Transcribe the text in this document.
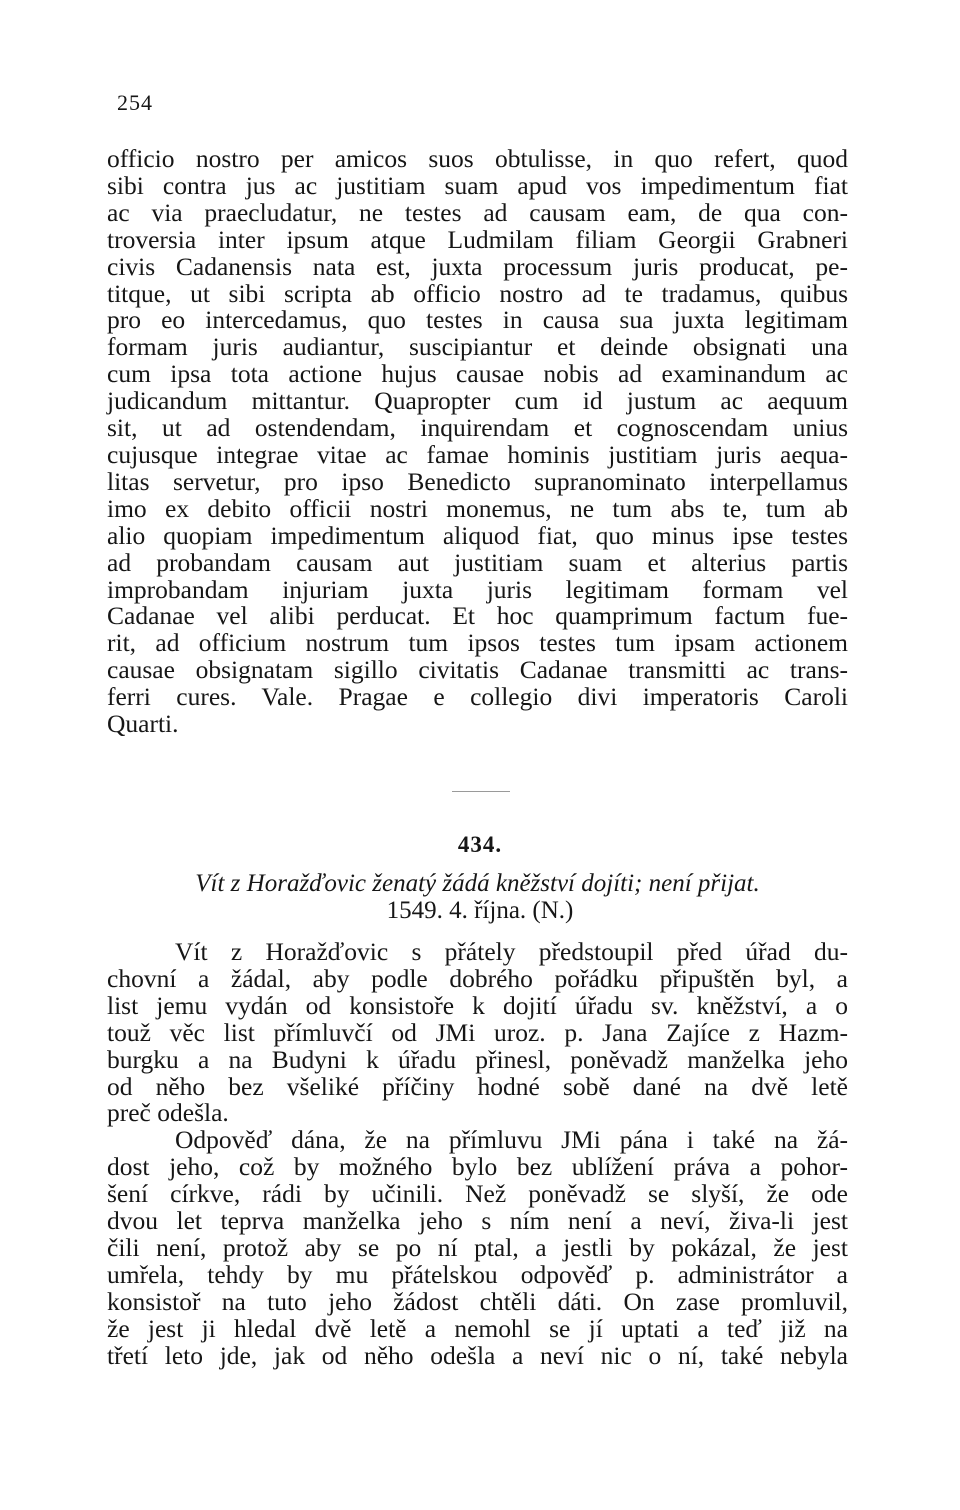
254
officio nostro per amicos suos obtulisse, in quo refert, quod
sibi contra jus ac justitiam suam apud vos impedimentum fiat
ac via praecludatur, ne testes ad causam eam, de qua con-
troversia inter ipsum atque Ludmilam filiam Georgii Grabneri
civis Cadanensis nata est, juxta processum juris producat, pe-
titque, ut sibi scripta ab officio nostro ad te tradamus, quibus
pro eo intercedamus, quo testes in causa sua juxta legitimam
formam juris audiantur, suscipiantur et deinde obsignati una
cum ipsa tota actione hujus causae nobis ad examinandum ac
judicandum mittantur. Quapropter cum id justum ac aequum
sit, ut ad ostendendam, inquirendam et cognoscendam unius
cujusque integrae vitae ac famae hominis justitiam juris aequa-
litas servetur, pro ipso Benedicto supranominato interpellamus
imo ex debito officii nostri monemus, ne tum abs te, tum ab
alio quopiam impedimentum aliquod fiat, quo minus ipse testes
ad probandam causam aut justitiam suam et alterius partis
improbandam injuriam juxta juris legitimam formam vel
Cadanae vel alibi perducat. Et hoc quamprimum factum fue-
rit, ad officium nostrum tum ipsos testes tum ipsam actionem
causae obsignatam sigillo civitatis Cadanae transmitti ac trans-
ferri cures. Vale. Pragae e collegio divi imperatoris Caroli
Quarti.
434.
Vít z Horažďovic ženatý žádá kněžství dojíti; není přijat.
1549. 4. října. (N.)
Vít z Horažďovic s přátely předstoupil před úřad du-
chovní a žádal, aby podle dobrého pořádku připuštěn byl, a
list jemu vydán od konsistoře k dojití úřadu sv. kněžství, a o
touž věc list přímluvčí od JMi uroz. p. Jana Zajíce z Hazm-
burgku a na Budyni k úřadu přinesl, poněvadž manželka jeho
od něho bez všeliké příčiny hodné sobě dané na dvě letě
preč odešla.
Odpověď dána, že na přímluvu JMi pána i také na žá-
dost jeho, což by možného bylo bez ublížení práva a pohor-
šení církve, rádi by učinili. Než poněvadž se slyší, že ode
dvou let teprva manželka jeho s ním není a neví, živa-li jest
čili není, protož aby se po ní ptal, a jestli by pokázal, že jest
umřela, tehdy by mu přátelskou odpověď p. administrátor a
konsistoř na tuto jeho žádost chtěli dáti. On zase promluvil,
že jest ji hledal dvě letě a nemohl se jí uptati a teď již na
třetí leto jde, jak od něho odešla a neví nic o ní, také nebyla
